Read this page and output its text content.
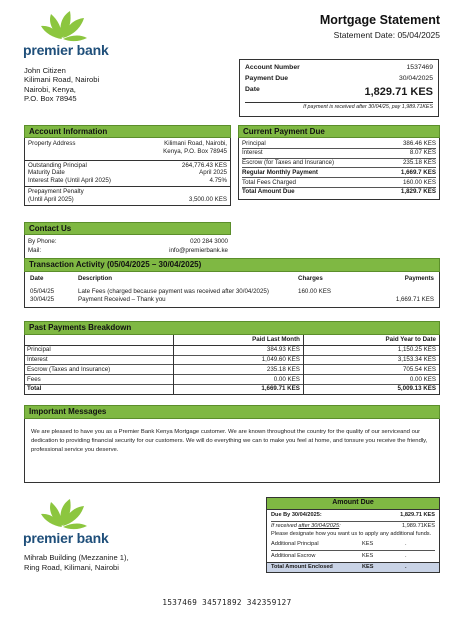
premier bank
Mortgage Statement
Statement Date: 05/04/2025
John Citizen
Kilimani Road, Nairobi
Nairobi, Kenya,
P.O. Box 78945
Account Number	1537469
Payment Due	30/04/2025
Date	1,829.71 KES
If payment is received after 30/04/25, pay 1,989.71KES
Account Information
Property Address	Kilimani Road, Nairobi,
Kenya, P.O. Box 78945
Outstanding Principal	264,776.43 KES
Maturity Date	April 2025
Interest Rate (Until April 2025)	4.75%
Prepayment Penalty
(Until April 2025)	3,500.00 KES
Contact Us
By Phone:	020 284 3000
Mail:	info@premierbank.ke
Current Payment Due
Principal	386.46 KES
Interest	8.07 KES
Escrow (for Taxes and Insurance)	235.18 KES
Regular Monthly Payment	1,669.7 KES
Total Fees Charged	160.00 KES
Total Amount Due	1,829.7 KES
Transaction Activity (05/04/2025 – 30/04/2025)
Date	Description	Charges	Payments
05/04/25	Late Fees (charged because payment was received after 30/04/2025)	160.00 KES	
30/04/25	Payment Received – Thank you		1,669.71 KES
Past Payments Breakdown
	Paid Last Month	Paid Year to Date
Principal	384.93 KES	1,150.25 KES
Interest	1,049.60 KES	3,153.34 KES
Escrow (Taxes and Insurance)	235.18 KES	705.54 KES
Fees	0.00 KES	0.00 KES
Total	1,669.71 KES	5,009.13 KES
Important Messages
We are pleased to have you as a Premier Bank Kenya Mortgage customer. We are known throughout the country for the quality of our serviceand our dedication to providing financial security for our customers. We will do everything we can to make you feel at home, and tonsure you receive the friendly, professional service you deserve.
premier bank
Mihrab Building (Mezzanine 1),
Ring Road, Kilimani, Nairobi
Amount Due
Due By 30/04/2025:	1,829.71 KES
If received after 30/04/2025:	1,989.71KES
Please designate how you want us to apply any additional funds.
Additional Principal	KES	.
Additional Escrow	KES	.
Total Amount Enclosed	KES	.
1537469 34571892 342359127
